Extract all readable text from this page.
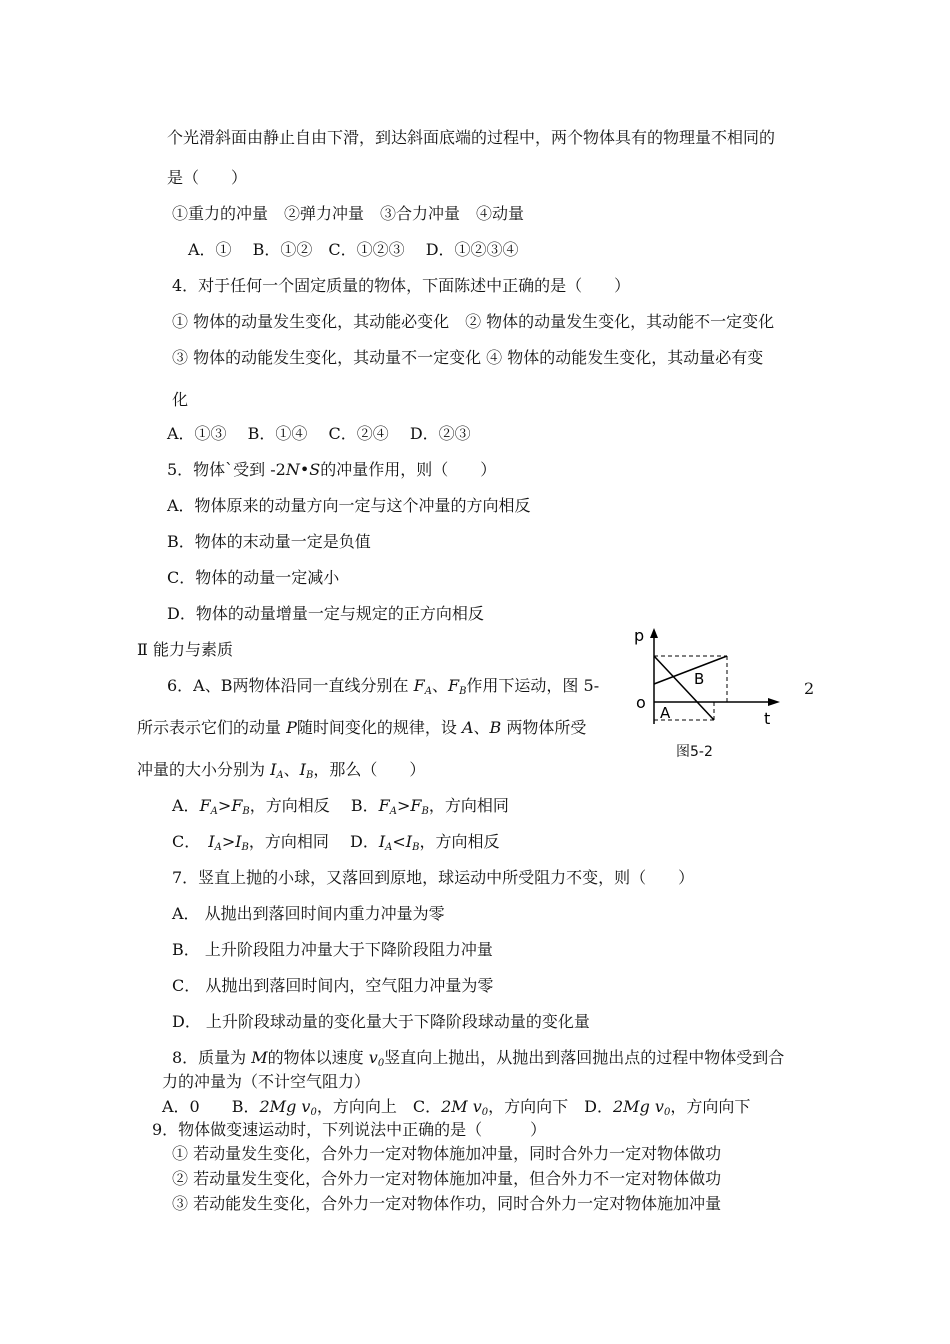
个光滑斜面由静止自由下滑，到达斜面底端的过程中，两个物体具有的物理量不相同的
是（　　）
①重力的冲量　②弹力冲量　③合力冲量　④动量
A．①　 B．①②　C．①②③　 D．①②③④
4．对于任何一个固定质量的物体，下面陈述中正确的是（　　）
① 物体的动量发生变化，其动能必变化　② 物体的动量发生变化，其动能不一定变化
③ 物体的动能发生变化，其动量不一定变化 ④ 物体的动能发生变化，其动量必有变
化
A．①③　 B．①④　 C．②④　 D．②③
5．物体`受到 -2N•S的冲量作用，则（　　）
A．物体原来的动量方向一定与这个冲量的方向相反
B．物体的末动量一定是负值
C．物体的动量一定减小
D．物体的动量增量一定与规定的正方向相反
Ⅱ 能力与素质
6．A、B两物体沿同一直线分别在 $F_A$、$F_B$作用下运动，图 5-	2
所示表示它们的动量 P随时间变化的规律，设 A、B 两物体所受
冲量的大小分别为 $I_A$、$I_B$，那么（　　）
A．$F_A>F_B$，方向相反　 B．$F_A>F_B$，方向相同
C．　$I_A>I_B$，方向相同　 D．$I_A<I_B$，方向相反
p
t
o
B
A
图5-2
7．竖直上抛的小球，又落回到原地，球运动中所受阻力不变，则（　　）
A． 从抛出到落回时间内重力冲量为零
B． 上升阶段阻力冲量大于下降阶段阻力冲量
C． 从抛出到落回时间内，空气阻力冲量为零
D． 上升阶段球动量的变化量大于下降阶段球动量的变化量
8．质量为 M的物体以速度 $v_0$竖直向上抛出，从抛出到落回抛出点的过程中物体受到合
力的冲量为（不计空气阻力）
A．0　　B．2Mg $v_0$，方向向上　C．2M $v_0$，方向向下　D．2Mg $v_0$，方向向下
9．物体做变速运动时，下列说法中正确的是（　　　）
① 若动量发生变化，合外力一定对物体施加冲量，同时合外力一定对物体做功
② 若动量发生变化，合外力一定对物体施加冲量，但合外力不一定对物体做功
③ 若动能发生变化，合外力一定对物体作功，同时合外力一定对物体施加冲量
